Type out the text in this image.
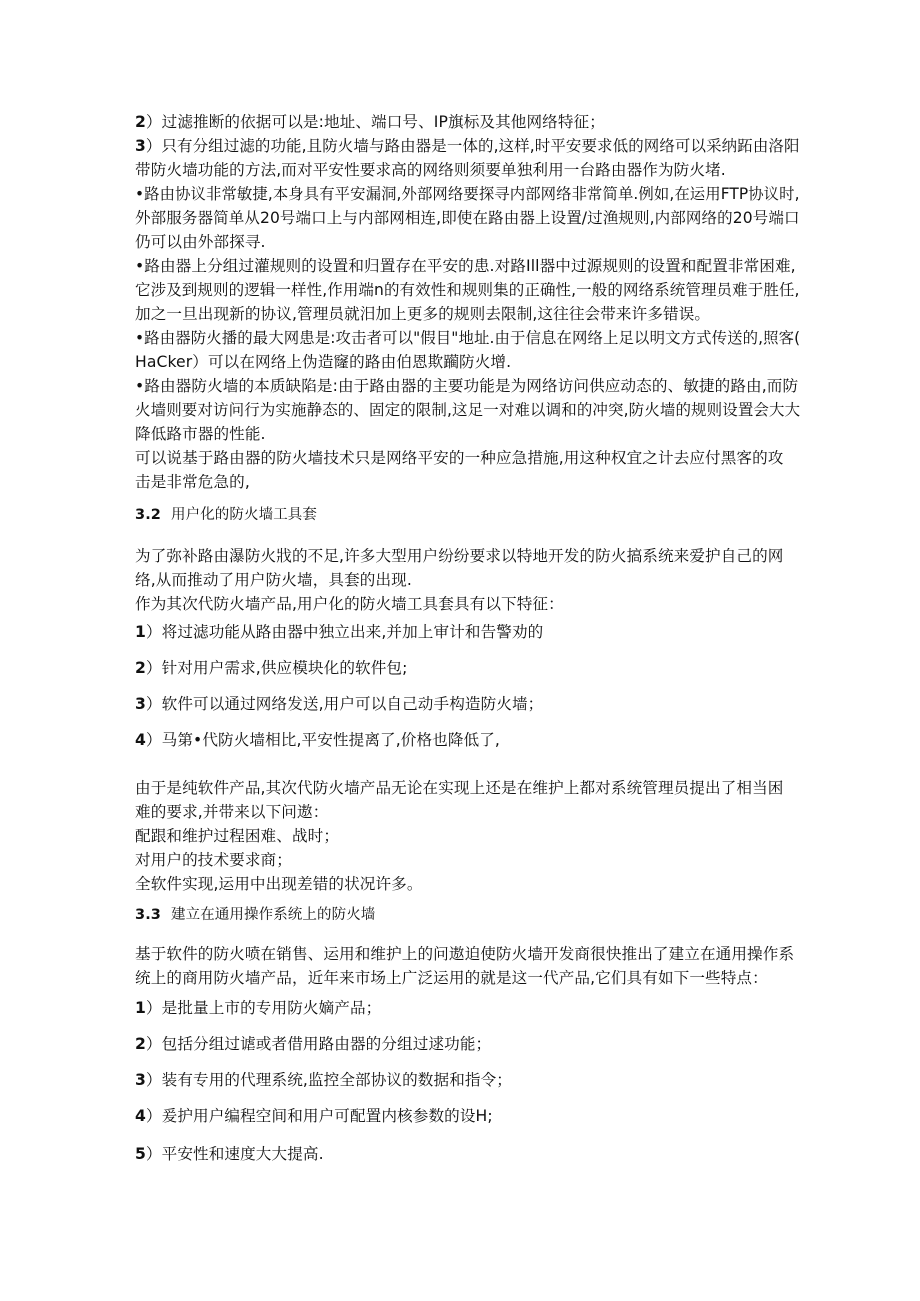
2）过滤推断的依据可以是:地址、端口号、IP旗标及其他网络特征；
3）只有分组过滤的功能,且防火墙与路由器是一体的,这样,时平安要求低的网络可以采纳跖由洛阳
带防火墙功能的方法,而对平安性要求高的网络则须要单独利用一台路由器作为防火堵.
•路由协议非常敏捷,本身具有平安漏洞,外部网络要探寻内部网络非常简单.例如,在运用FTP协议时,
外部服务器简单从20号端口上与内部网相连,即使在路由器上设置/过渔规则,内部网络的20号端口
仍可以由外部探寻.
•路由器上分组过灌规则的设置和归置存在平安的患.对路Ill器中过源规则的设置和配置非常困难,
它涉及到规则的逻辑一样性,作用端n的有效性和规则集的正确性,一般的网络系统管理员难于胜任,
加之一旦出现新的协议,管理员就汨加上更多的规则去限制,这往往会带来许多错误。
•路由器防火播的最大网患是:攻击者可以"假目"地址.由于信息在网络上足以明文方式传送的,照客(
HaCker）可以在网络上伪造窿的路由伯恩欺躏防火增.
•路由器防火墙的本质缺陷是:由于路由器的主要功能是为网络访问供应动态的、敏捷的路由,而防
火墙则要对访问行为实施静态的、固定的限制,这足一对难以调和的冲突,防火墙的规则设置会大大
降低路市器的性能.
可以说基于路由器的防火墙技术只是网络平安的一种应急措施,用这种权宜之计去应付黑客的攻
击是非常危急的,
3.2 用户化的防火墙工具套
为了弥补路由瀑防火戕的不足,许多大型用户纷纷要求以特地开发的防火搞系统来爱护自己的网
络,从而推动了用户防火墙，具套的出现.
作为其次代防火墙产品,用户化的防火墙工具套具有以下特征：
1）将过滤功能从路由器中独立出来,并加上审计和告警劝的
2）针对用户需求,供应模块化的软件包;
3）软件可以通过网络发送,用户可以自己动手构造防火墙；
4）马第•代防火墙相比,平安性提离了,价格也降低了,
由于是纯软件产品,其次代防火墙产品无论在实现上还是在维护上都对系统管理员提出了相当困
难的要求,并带来以下问遨：
配跟和维护过程困难、战时；
对用户的技术要求商；
全软件实现,运用中出现差错的状况许多。
3.3 建立在通用操作系统上的防火墙
基于软件的防火喷在销售、运用和维护上的问遨迫使防火墙开发商很快推出了建立在通用操作系
统上的商用防火墙产品，近年来市场上广泛运用的就是这一代产品,它们具有如下一些特点：
1）是批量上市的专用防火嫡产品；
2）包括分组过谑或者借用路由器的分组过逑功能；
3）装有专用的代理系统,监控全部协议的数据和指令；
4）爰护用户编程空间和用户可配置内核参数的设H;
5）平安性和速度大大提高.
